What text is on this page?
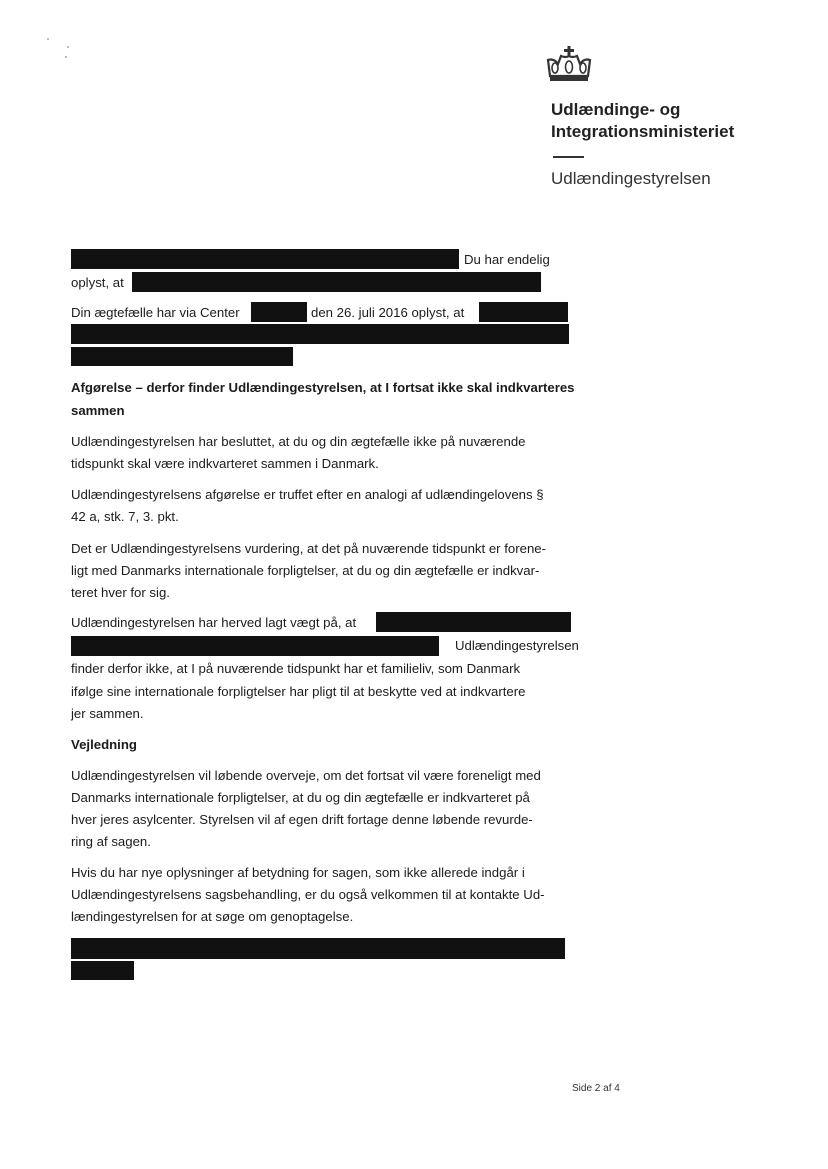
Udlændinge- og
Integrationsministeriet
Udlændingestyrelsen
Du har endelig
oplyst, at
Din ægtefælle har via Center	den 26. juli 2016 oplyst, at
Afgørelse – derfor finder Udlændingestyrelsen, at I fortsat ikke skal indkvarteres
sammen
Udlændingestyrelsen har besluttet, at du og din ægtefælle ikke på nuværende
tidspunkt skal være indkvarteret sammen i Danmark.
Udlændingestyrelsens afgørelse er truffet efter en analogi af udlændingelovens §
42 a, stk. 7, 3. pkt.
Det er Udlændingestyrelsens vurdering, at det på nuværende tidspunkt er forene-
ligt med Danmarks internationale forpligtelser, at du og din ægtefælle er indkvar-
teret hver for sig.
Udlændingestyrelsen har herved lagt vægt på, at
Udlændingestyrelsen
finder derfor ikke, at I på nuværende tidspunkt har et familieliv, som Danmark
ifølge sine internationale forpligtelser har pligt til at beskytte ved at indkvartere
jer sammen.
Vejledning
Udlændingestyrelsen vil løbende overveje, om det fortsat vil være foreneligt med
Danmarks internationale forpligtelser, at du og din ægtefælle er indkvarteret på
hver jeres asylcenter. Styrelsen vil af egen drift fortage denne løbende revurde-
ring af sagen.
Hvis du har nye oplysninger af betydning for sagen, som ikke allerede indgår i
Udlændingestyrelsens sagsbehandling, er du også velkommen til at kontakte Ud-
lændingestyrelsen for at søge om genoptagelse.
Side 2 af 4
